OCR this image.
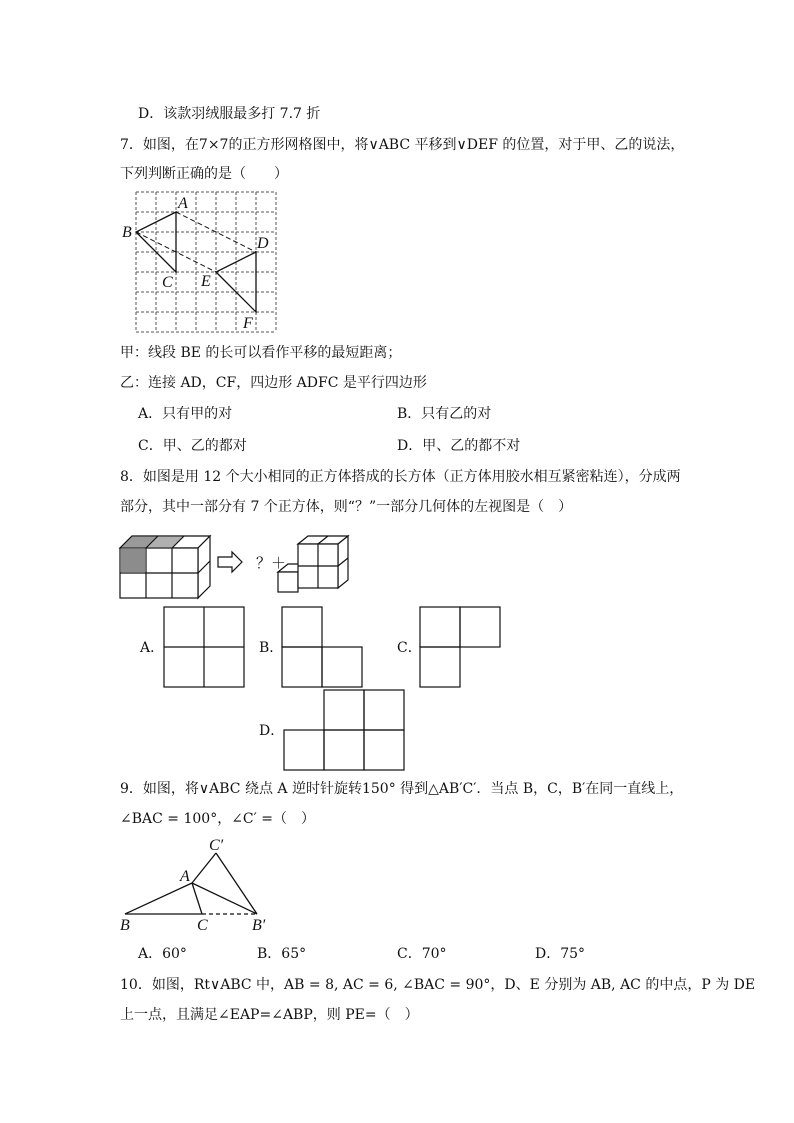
D．该款羽绒服最多打 7.7 折
7．如图，在7×7的正方形网格图中，将∨ABC 平移到∨DEF 的位置，对于甲、乙的说法，
下列判断正确的是（　　）
A
B
C
D
E
F
甲：线段 BE 的长可以看作平移的最短距离；
乙：连接 AD，CF，四边形 ADFC 是平行四边形
A．只有甲的对	B．只有乙的对
C．甲、乙的都对	D．甲、乙的都不对
8．如图是用 12 个大小相同的正方体搭成的长方体（正方体用胶水相互紧密粘连），分成两
部分，其中一部分有 7 个正方体，则“？”一部分几何体的左视图是（　）
？＋
A．	B．	C．
D．
9．如图，将∨ABC 绕点 A 逆时针旋转150° 得到△AB′C′．当点 B，C，B′在同一直线上，
∠BAC = 100°，∠C′ =（　）
A
B	C	B′
C′
A．60°	B．65°	C．70°	D．75°
10．如图，Rt∨ABC 中，AB = 8, AC = 6, ∠BAC = 90°，D、E 分别为 AB, AC 的中点，P 为 DE
上一点，且满足∠EAP=∠ABP，则 PE=（　）
